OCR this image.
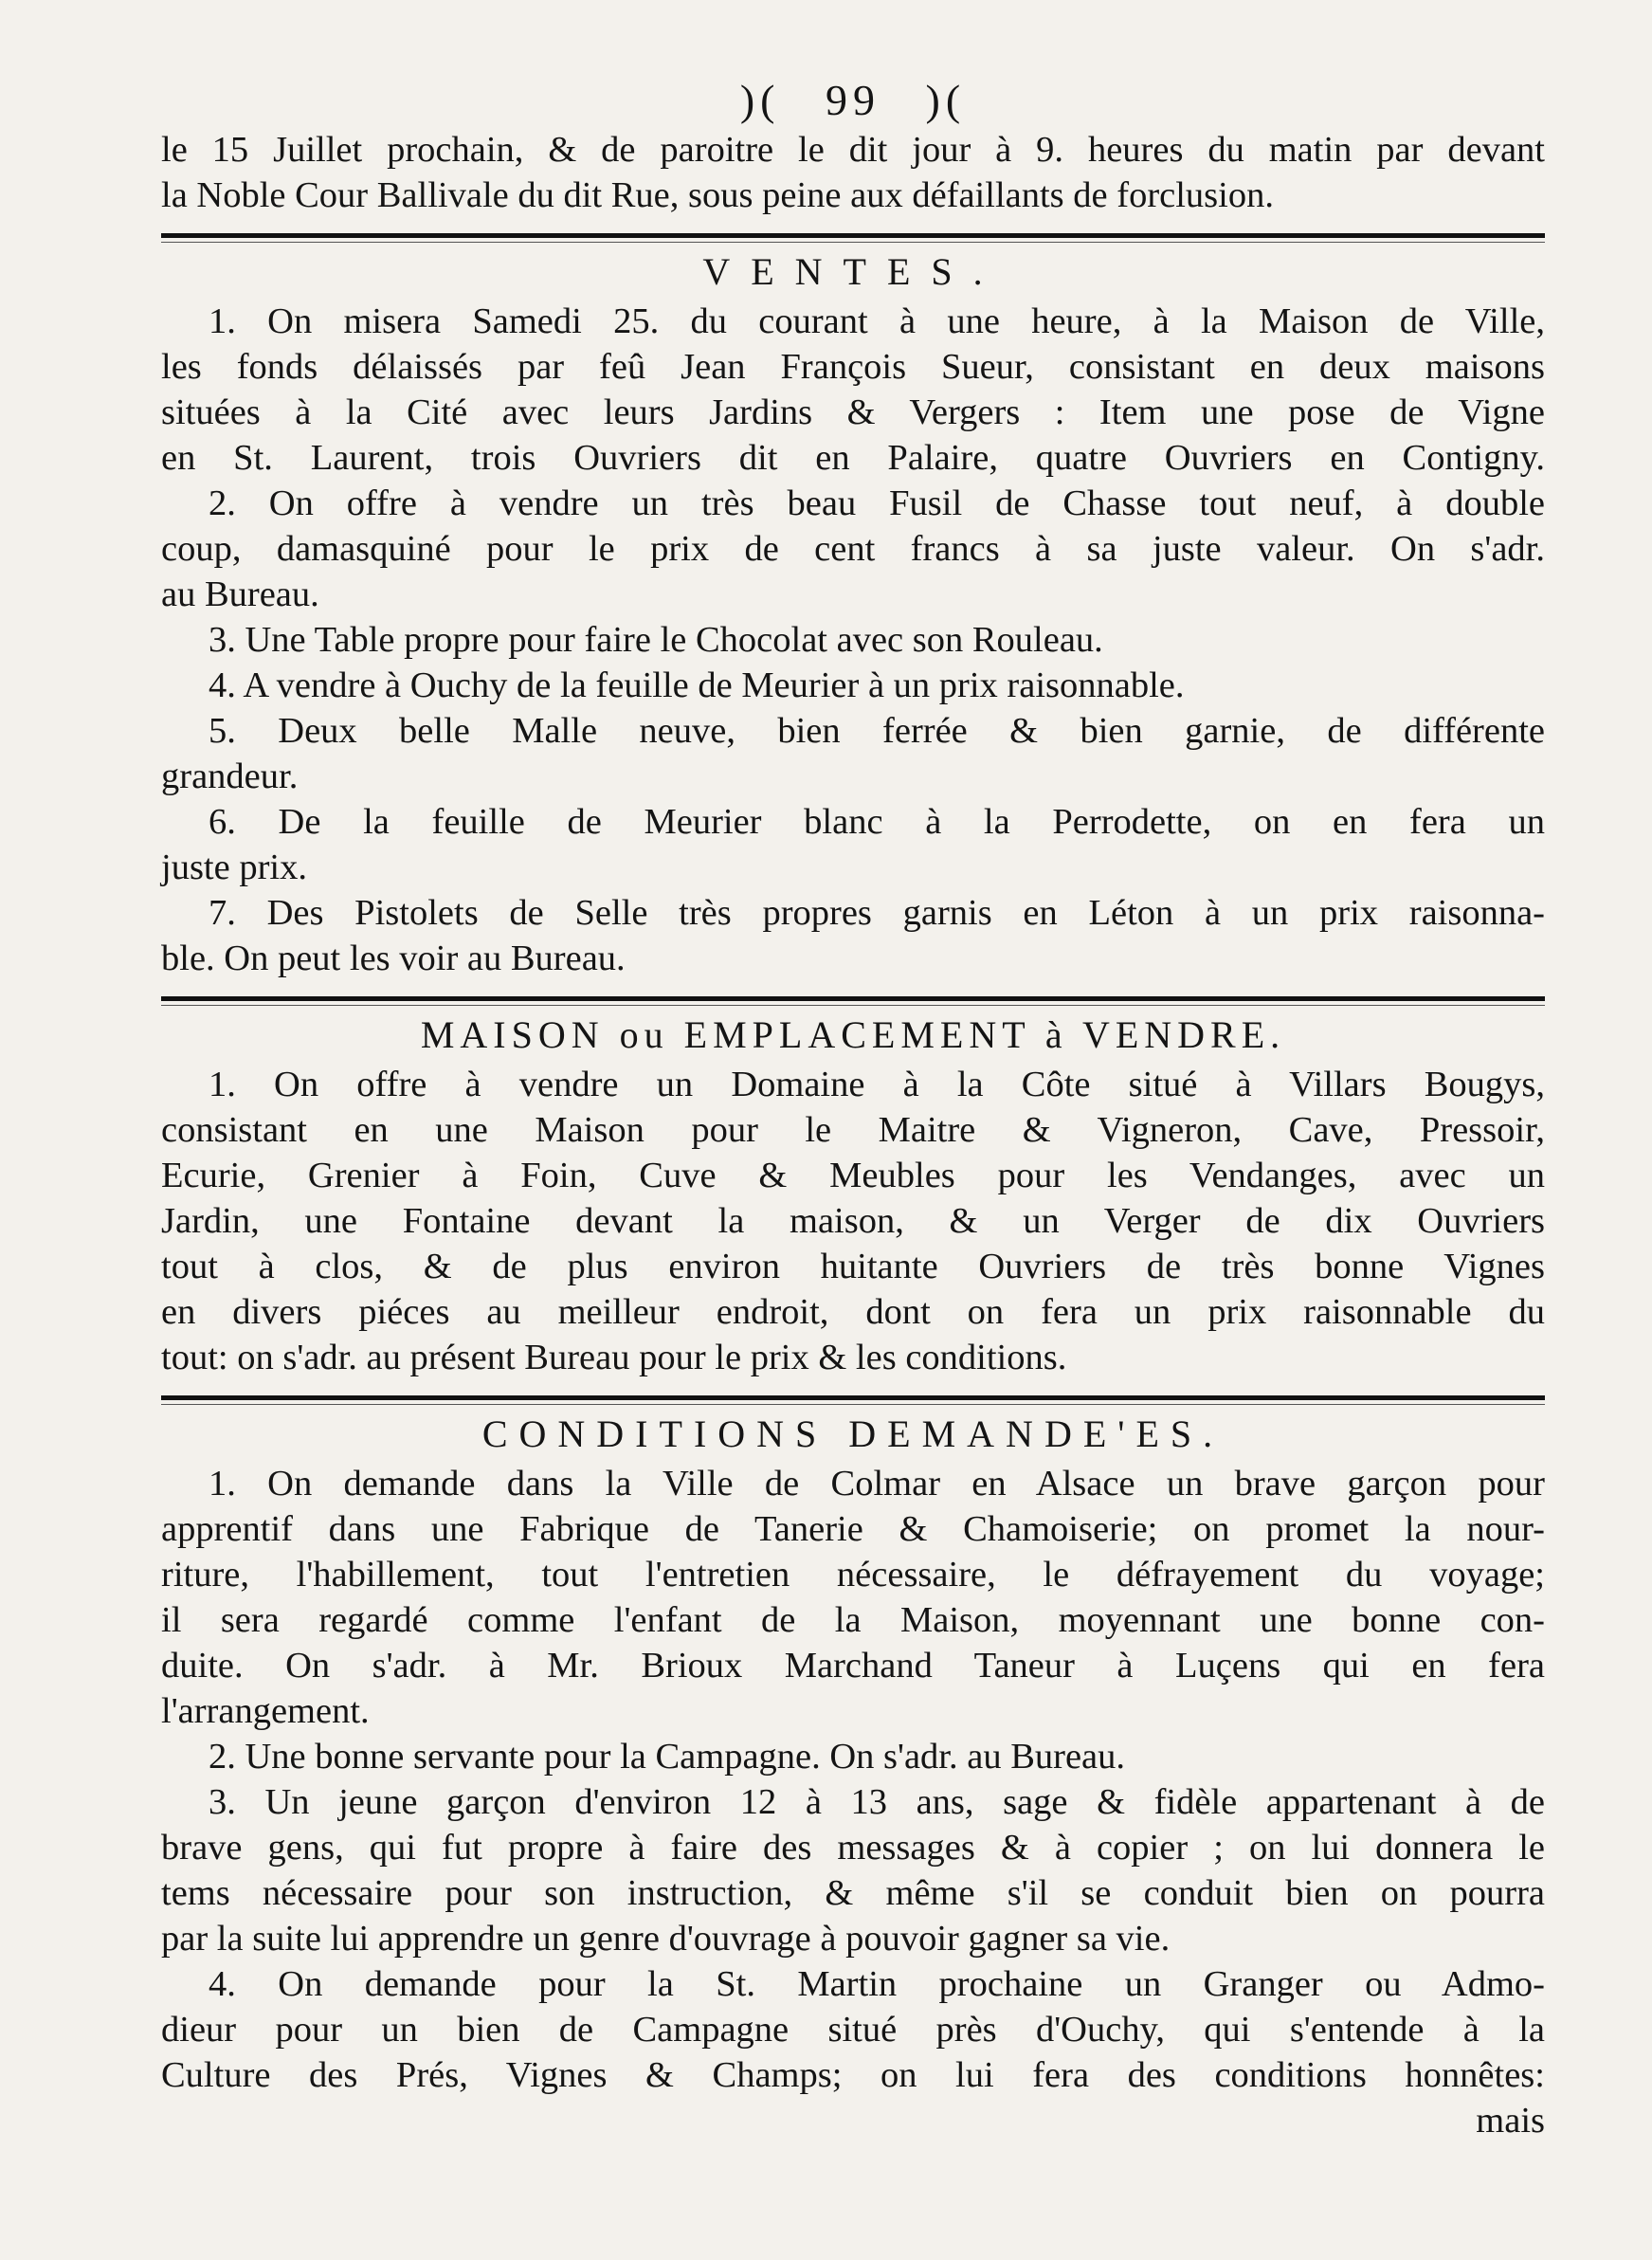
)( 99 )(
le 15 Juillet prochain, & de paroitre le dit jour à 9. heures du matin par devant
la Noble Cour Ballivale du dit Rue, sous peine aux défaillants de forclusion.
VENTES.
1. On misera Samedi 25. du courant à une heure, à la Maison de Ville,
les fonds délaissés par feû Jean François Sueur, consistant en deux maisons
situées à la Cité avec leurs Jardins & Vergers : Item une pose de Vigne
en St. Laurent, trois Ouvriers dit en Palaire, quatre Ouvriers en Contigny.
2. On offre à vendre un très beau Fusil de Chasse tout neuf, à double
coup, damasquiné pour le prix de cent francs à sa juste valeur. On s'adr.
au Bureau.
3. Une Table propre pour faire le Chocolat avec son Rouleau.
4. A vendre à Ouchy de la feuille de Meurier à un prix raisonnable.
5. Deux belle Malle neuve, bien ferrée & bien garnie, de différente
grandeur.
6. De la feuille de Meurier blanc à la Perrodette, on en fera un
juste prix.
7. Des Pistolets de Selle très propres garnis en Léton à un prix raisonna-
ble. On peut les voir au Bureau.
MAISON ou EMPLACEMENT à VENDRE.
1. On offre à vendre un Domaine à la Côte situé à Villars Bougys,
consistant en une Maison pour le Maitre & Vigneron, Cave, Pressoir,
Ecurie, Grenier à Foin, Cuve & Meubles pour les Vendanges, avec un
Jardin, une Fontaine devant la maison, & un Verger de dix Ouvriers
tout à clos, & de plus environ huitante Ouvriers de très bonne Vignes
en divers piéces au meilleur endroit, dont on fera un prix raisonnable du
tout: on s'adr. au présent Bureau pour le prix & les conditions.
CONDITIONS DEMANDE'ES.
1. On demande dans la Ville de Colmar en Alsace un brave garçon pour
apprentif dans une Fabrique de Tanerie & Chamoiserie; on promet la nour-
riture, l'habillement, tout l'entretien nécessaire, le défrayement du voyage;
il sera regardé comme l'enfant de la Maison, moyennant une bonne con-
duite. On s'adr. à Mr. Brioux Marchand Taneur à Luçens qui en fera
l'arrangement.
2. Une bonne servante pour la Campagne. On s'adr. au Bureau.
3. Un jeune garçon d'environ 12 à 13 ans, sage & fidèle appartenant à de
brave gens, qui fut propre à faire des messages & à copier ; on lui donnera le
tems nécessaire pour son instruction, & même s'il se conduit bien on pourra
par la suite lui apprendre un genre d'ouvrage à pouvoir gagner sa vie.
4. On demande pour la St. Martin prochaine un Granger ou Admo-
dieur pour un bien de Campagne situé près d'Ouchy, qui s'entende à la
Culture des Prés, Vignes & Champs; on lui fera des conditions honnêtes:
mais
